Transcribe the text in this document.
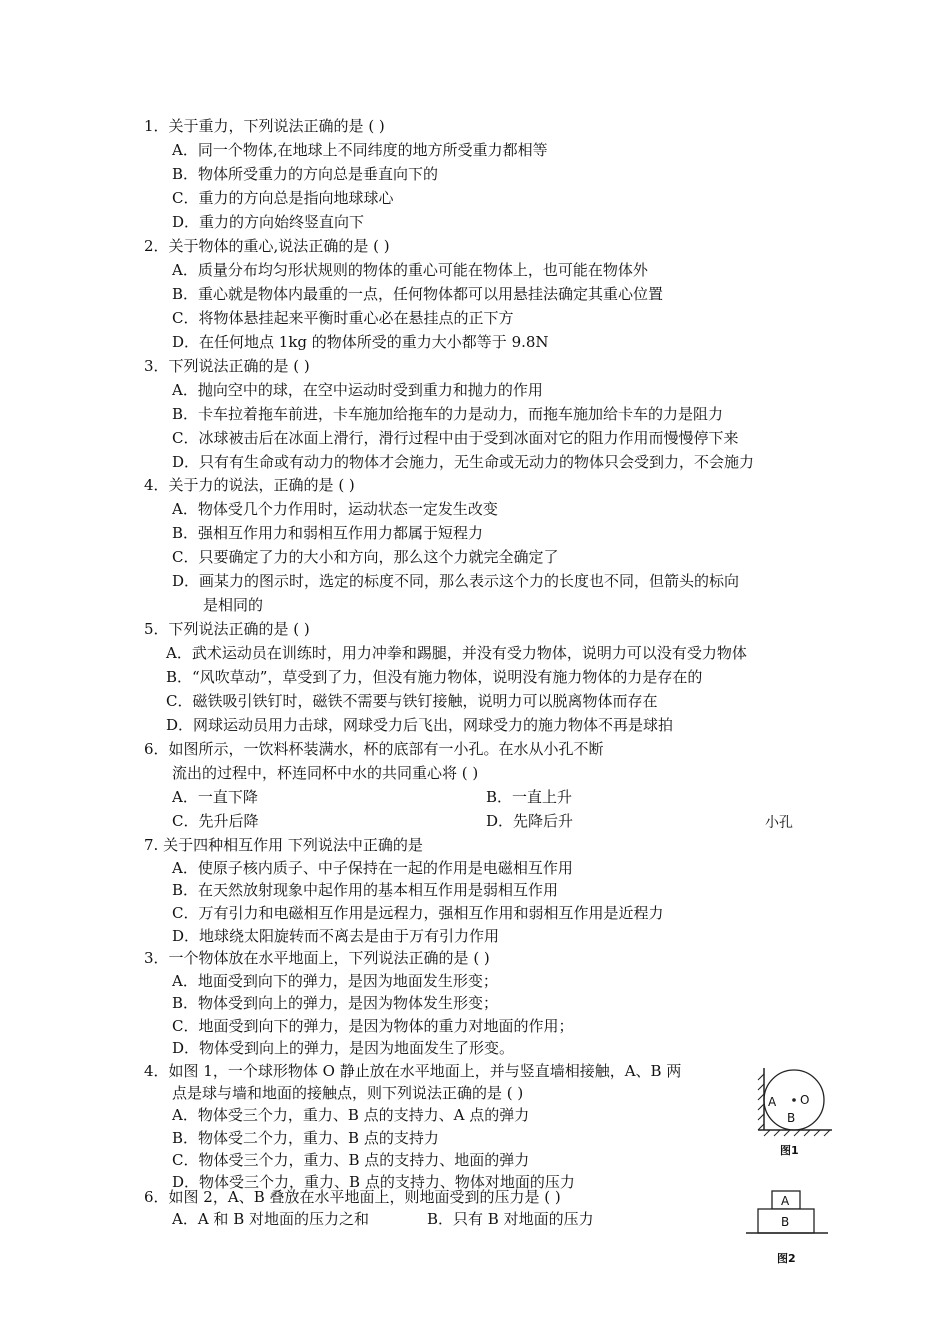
1．关于重力，下列说法正确的是 ( )
A．同一个物体,在地球上不同纬度的地方所受重力都相等
B．物体所受重力的方向总是垂直向下的
C．重力的方向总是指向地球球心
D．重力的方向始终竖直向下
2．关于物体的重心,说法正确的是 ( )
A．质量分布均匀形状规则的物体的重心可能在物体上，也可能在物体外
B．重心就是物体内最重的一点，任何物体都可以用悬挂法确定其重心位置
C．将物体悬挂起来平衡时重心必在悬挂点的正下方
D．在任何地点 1kg 的物体所受的重力大小都等于 9.8N
3．下列说法正确的是 ( )
A．抛向空中的球，在空中运动时受到重力和抛力的作用
B．卡车拉着拖车前进，卡车施加给拖车的力是动力，而拖车施加给卡车的力是阻力
C．冰球被击后在冰面上滑行，滑行过程中由于受到冰面对它的阻力作用而慢慢停下来
D．只有有生命或有动力的物体才会施力，无生命或无动力的物体只会受到力，不会施力
4．关于力的说法，正确的是 ( )
A．物体受几个力作用时，运动状态一定发生改变
B．强相互作用力和弱相互作用力都属于短程力
C．只要确定了力的大小和方向，那么这个力就完全确定了
D．画某力的图示时，选定的标度不同，那么表示这个力的长度也不同，但箭头的标向
是相同的
5．下列说法正确的是 ( )
A．武术运动员在训练时，用力冲拳和踢腿，并没有受力物体，说明力可以没有受力物体
B．“风吹草动”，草受到了力，但没有施力物体，说明没有施力物体的力是存在的
C．磁铁吸引铁钉时，磁铁不需要与铁钉接触，说明力可以脱离物体而存在
D．网球运动员用力击球，网球受力后飞出，网球受力的施力物体不再是球拍
6．如图所示，一饮料杯装满水，杯的底部有一小孔。在水从小孔不断
流出的过程中，杯连同杯中水的共同重心将 ( )
A．一直下降	B．一直上升
C．先升后降	D．先降后升	小孔
7. 关于四种相互作用 下列说法中正确的是
A．使原子核内质子、中子保持在一起的作用是电磁相互作用
B．在天然放射现象中起作用的基本相互作用是弱相互作用
C．万有引力和电磁相互作用是远程力，强相互作用和弱相互作用是近程力
D．地球绕太阳旋转而不离去是由于万有引力作用
3．一个物体放在水平地面上，下列说法正确的是 ( )
A．地面受到向下的弹力，是因为地面发生形变；
B．物体受到向上的弹力，是因为物体发生形变；
C．地面受到向下的弹力，是因为物体的重力对地面的作用；
D．物体受到向上的弹力，是因为地面发生了形变。
4．如图 1，一个球形物体 O 静止放在水平地面上，并与竖直墙相接触，A、B 两
点是球与墙和地面的接触点，则下列说法正确的是 ( )
A．物体受三个力，重力、B 点的支持力、A 点的弹力
B．物体受二个力，重力、B 点的支持力
C．物体受三个力，重力、B 点的支持力、地面的弹力
D．物体受三个力，重力、B 点的支持力、物体对地面的压力
A O
B
图1
6．如图 2，A、B 叠放在水平地面上，则地面受到的压力是 ( )
A．A 和 B 对地面的压力之和	B．只有 B 对地面的压力
A
B
图2
